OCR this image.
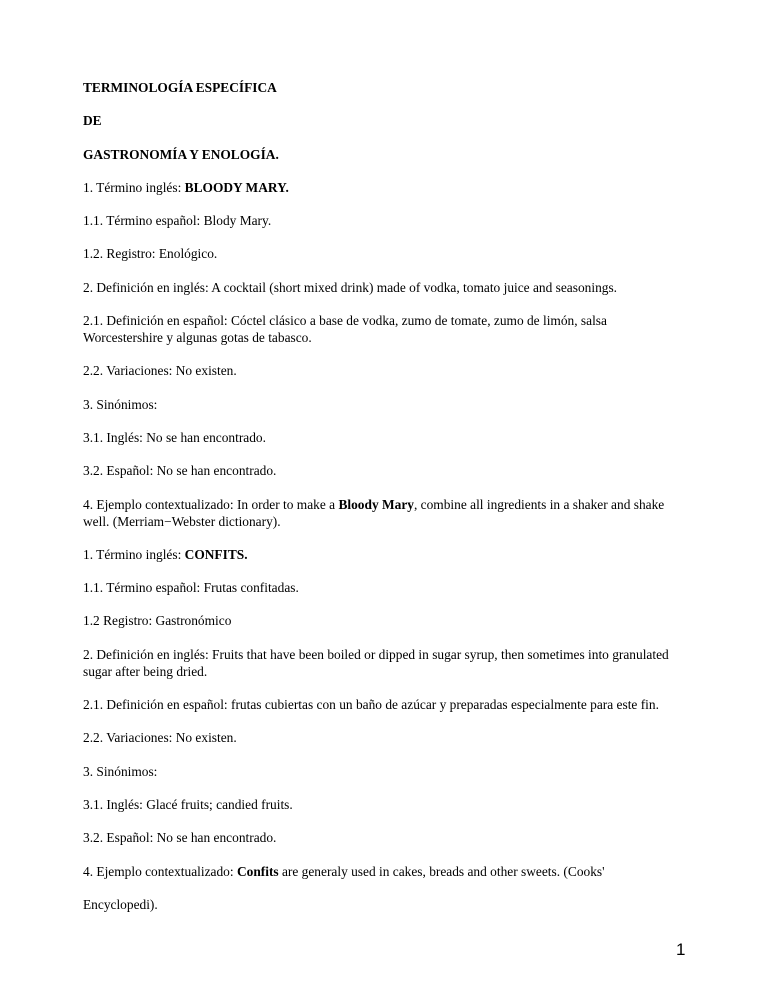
TERMINOLOGÍA ESPECÍFICA

DE

GASTRONOMÍA Y ENOLOGÍA.

1. Término inglés: BLOODY MARY.

1.1. Término español: Blody Mary.

1.2. Registro: Enológico.

2. Definición en inglés: A cocktail (short mixed drink) made of vodka, tomato juice and seasonings.

2.1. Definición en español: Cóctel clásico a base de vodka, zumo de tomate, zumo de limón, salsa Worcestershire y algunas gotas de tabasco.

2.2. Variaciones: No existen.

3. Sinónimos:

3.1. Inglés: No se han encontrado.

3.2. Español: No se han encontrado.

4. Ejemplo contextualizado: In order to make a Bloody Mary, combine all ingredients in a shaker and shake well. (Merriam−Webster dictionary).

1. Término inglés: CONFITS.

1.1. Término español: Frutas confitadas.

1.2 Registro: Gastronómico

2. Definición en inglés: Fruits that have been boiled or dipped in sugar syrup, then sometimes into granulated sugar after being dried.

2.1. Definición en español: frutas cubiertas con un baño de azúcar y preparadas especialmente para este fin.

2.2. Variaciones: No existen.

3. Sinónimos:

3.1. Inglés: Glacé fruits; candied fruits.

3.2. Español: No se han encontrado.

4. Ejemplo contextualizado: Confits are generaly used in cakes, breads and other sweets. (Cooks'

Encyclopedi).

1
